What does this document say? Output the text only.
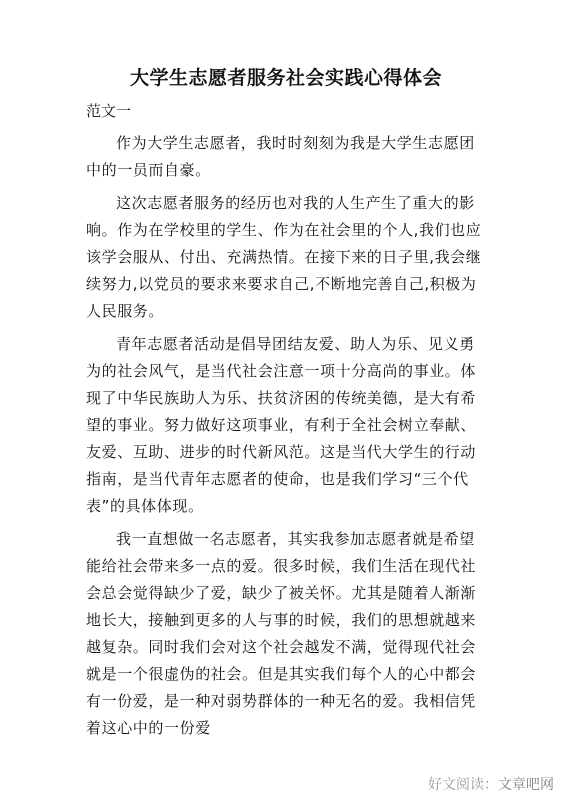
大学生志愿者服务社会实践心得体会
范文一

作为大学生志愿者，我时时刻刻为我是大学生志愿团中的一员而自豪。

这次志愿者服务的经历也对我的人生产生了重大的影响。作为在学校里的学生、作为在社会里的个人,我们也应该学会服从、付出、充满热情。在接下来的日子里,我会继续努力,以党员的要求来要求自己,不断地完善自己,积极为人民服务。

青年志愿者活动是倡导团结友爱、助人为乐、见义勇为的社会风气，是当代社会注意一项十分高尚的事业。体现了中华民族助人为乐、扶贫济困的传统美德，是大有希望的事业。努力做好这项事业，有利于全社会树立奉献、友爱、互助、进步的时代新风范。这是当代大学生的行动指南，是当代青年志愿者的使命，也是我们学习“三个代表”的具体体现。

我一直想做一名志愿者，其实我参加志愿者就是希望能给社会带来多一点的爱。很多时候，我们生活在现代社会总会觉得缺少了爱，缺少了被关怀。尤其是随着人渐渐地长大，接触到更多的人与事的时候，我们的思想就越来越复杂。同时我们会对这个社会越发不满，觉得现代社会就是一个很虚伪的社会。但是其实我们每个人的心中都会有一份爱，是一种对弱势群体的一种无名的爱。我相信凭着这心中的一份爱

好文阅读：文章吧网
